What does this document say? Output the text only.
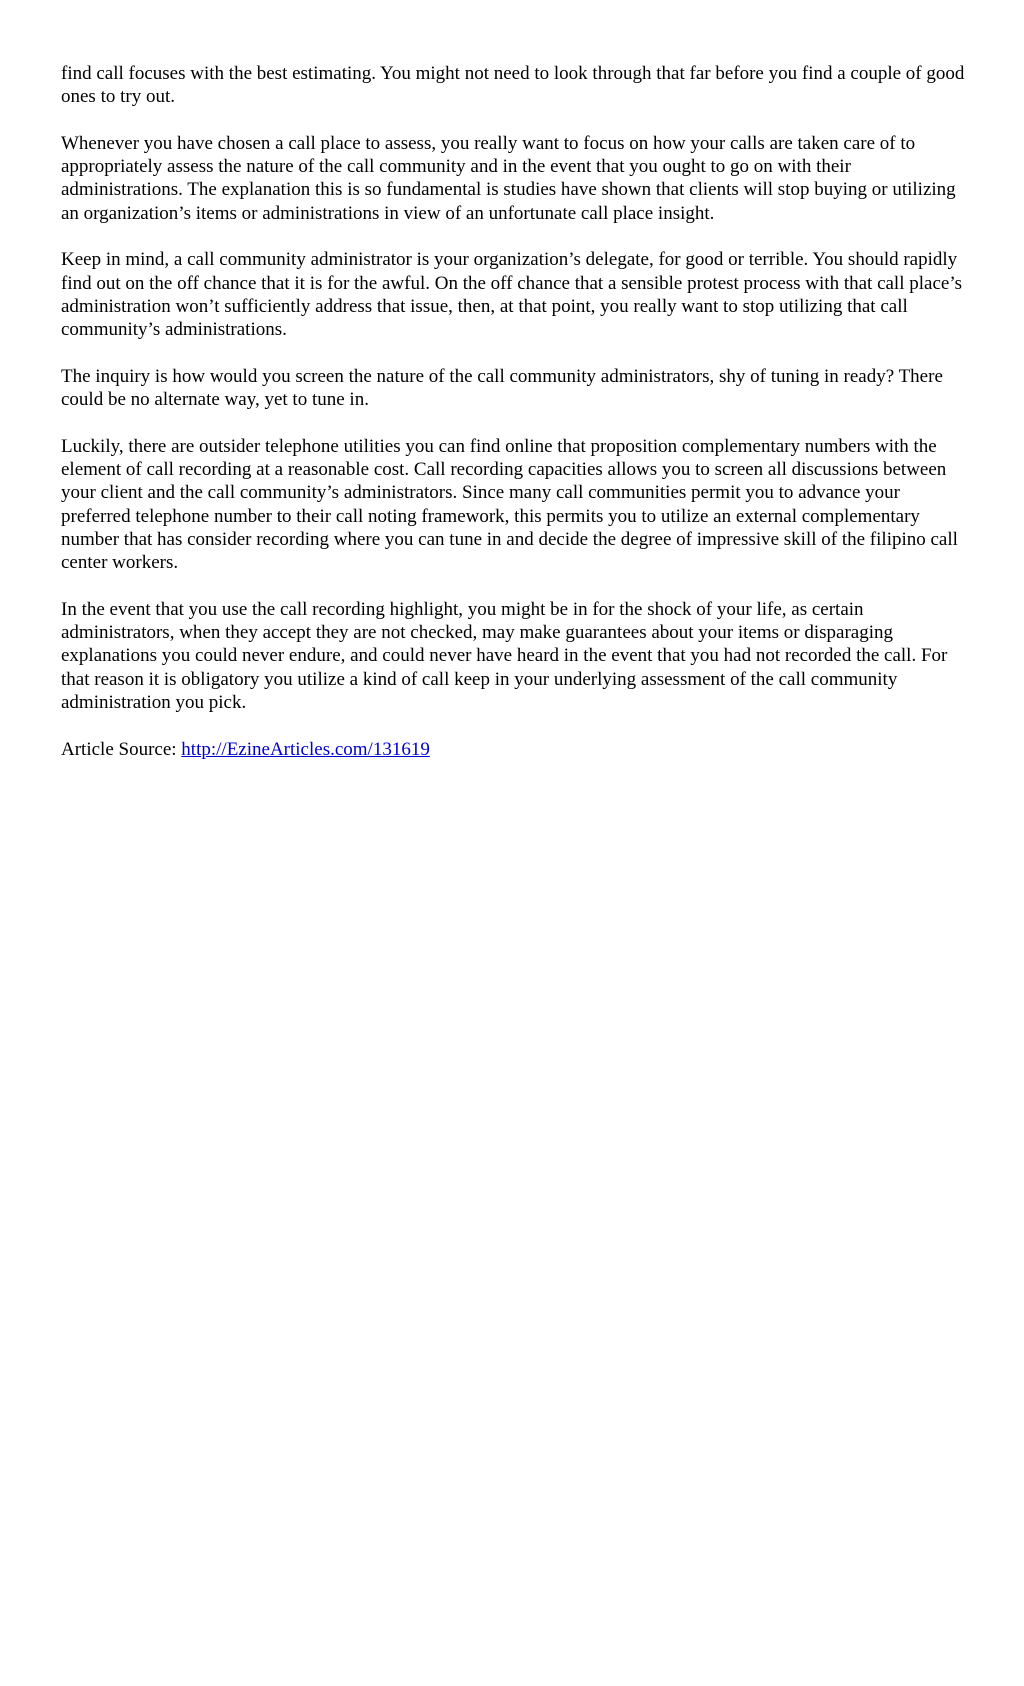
find call focuses with the best estimating. You might not need to look through that far before you find a couple of good ones to try out.

Whenever you have chosen a call place to assess, you really want to focus on how your calls are taken care of to appropriately assess the nature of the call community and in the event that you ought to go on with their administrations. The explanation this is so fundamental is studies have shown that clients will stop buying or utilizing an organization’s items or administrations in view of an unfortunate call place insight.

Keep in mind, a call community administrator is your organization’s delegate, for good or terrible. You should rapidly find out on the off chance that it is for the awful. On the off chance that a sensible protest process with that call place’s administration won’t sufficiently address that issue, then, at that point, you really want to stop utilizing that call community’s administrations.

The inquiry is how would you screen the nature of the call community administrators, shy of tuning in ready? There could be no alternate way, yet to tune in.

Luckily, there are outsider telephone utilities you can find online that proposition complementary numbers with the element of call recording at a reasonable cost. Call recording capacities allows you to screen all discussions between your client and the call community’s administrators. Since many call communities permit you to advance your preferred telephone number to their call noting framework, this permits you to utilize an external complementary number that has consider recording where you can tune in and decide the degree of impressive skill of the filipino call center workers.

In the event that you use the call recording highlight, you might be in for the shock of your life, as certain administrators, when they accept they are not checked, may make guarantees about your items or disparaging explanations you could never endure, and could never have heard in the event that you had not recorded the call. For that reason it is obligatory you utilize a kind of call keep in your underlying assessment of the call community administration you pick.

Article Source: http://EzineArticles.com/131619
